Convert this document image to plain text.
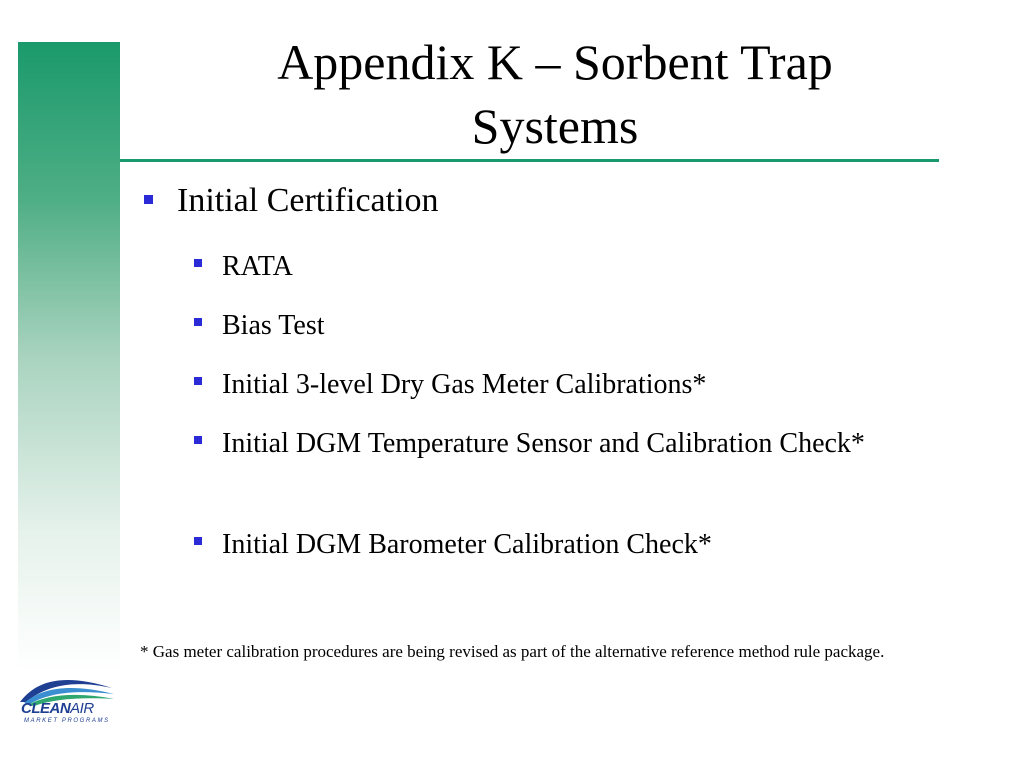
Appendix K – Sorbent Trap
Systems
Initial Certification
RATA
Bias Test
Initial 3-level Dry Gas Meter Calibrations*
Initial DGM Temperature Sensor and Calibration Check*
Initial DGM Barometer Calibration Check*

* Gas meter calibration procedures are being revised as part of the alternative reference method rule package.

CLEANAIR
MARKET PROGRAMS
